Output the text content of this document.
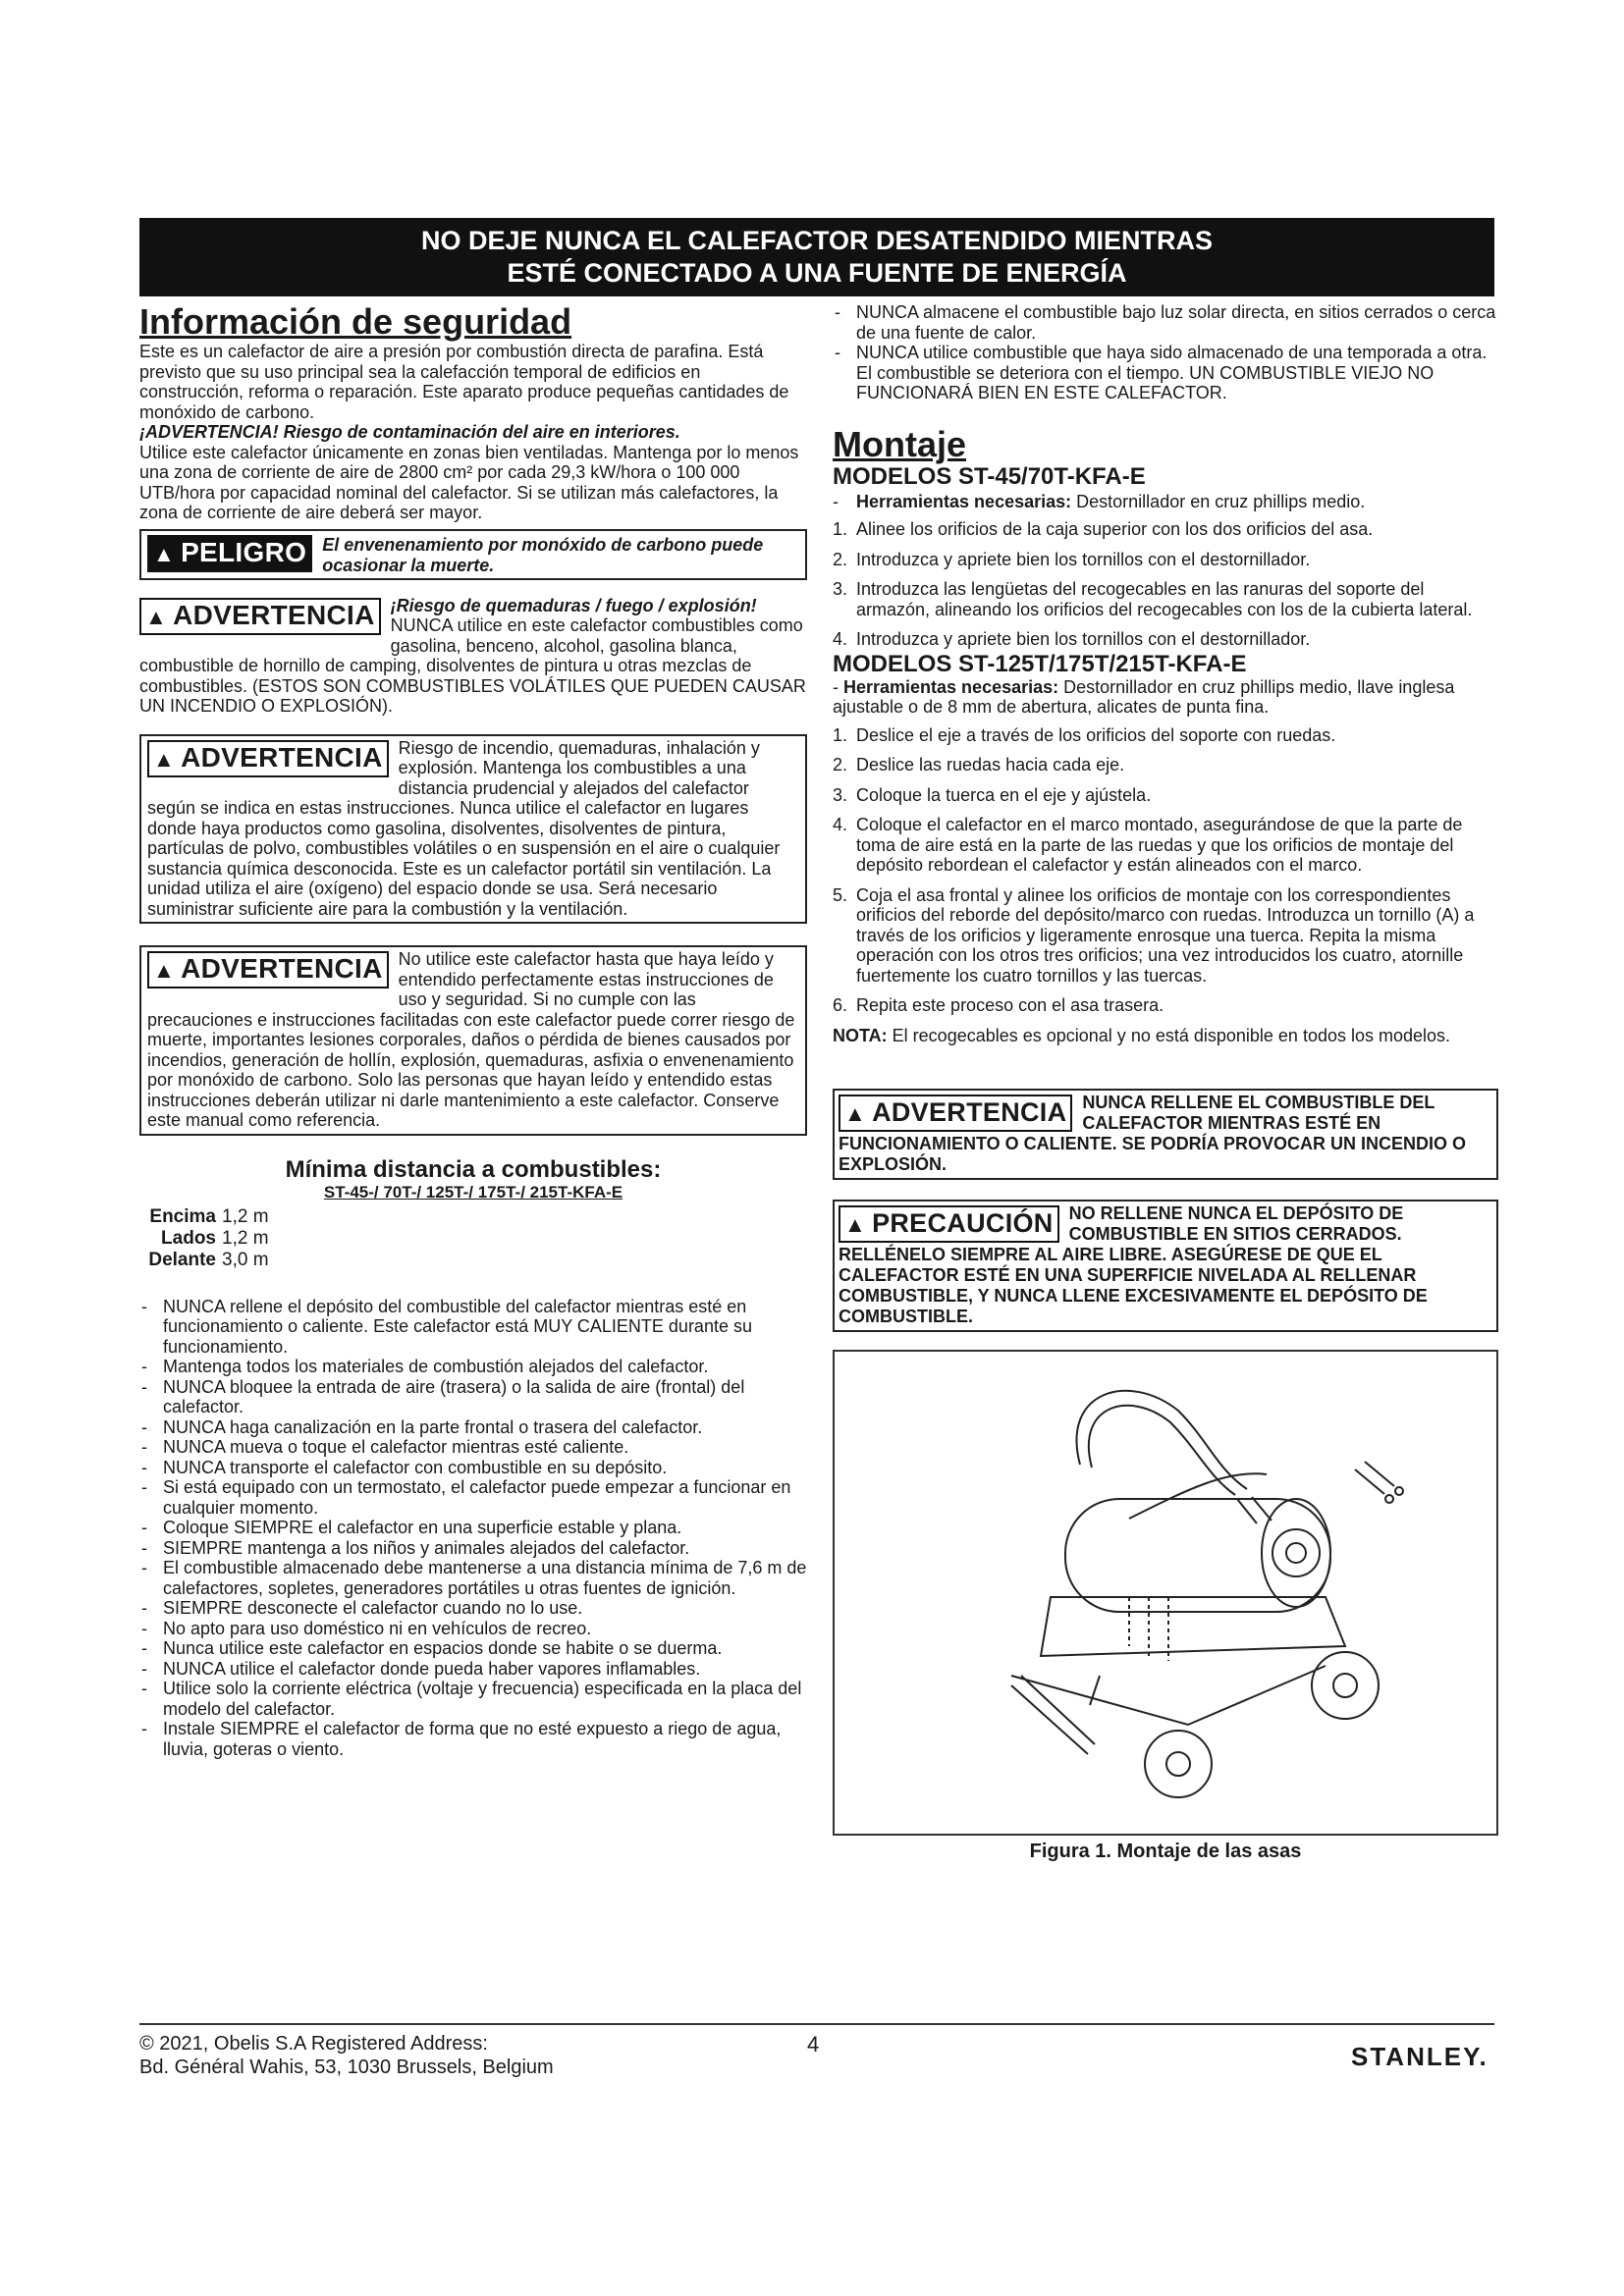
NO DEJE NUNCA EL CALEFACTOR DESATENDIDO MIENTRAS
ESTÉ CONECTADO A UNA FUENTE DE ENERGÍA
Información de seguridad

Este es un calefactor de aire a presión por combustión directa de parafina. Está previsto que su uso principal sea la calefacción temporal de edificios en construcción, reforma o reparación. Este aparato produce pequeñas cantidades de monóxido de carbono.

¡ADVERTENCIA! Riesgo de contaminación del aire en interiores.

Utilice este calefactor únicamente en zonas bien ventiladas. Mantenga por lo menos una zona de corriente de aire de 2800 cm² por cada 29,3 kW/hora o 100 000 UTB/hora por capacidad nominal del calefactor. Si se utilizan más calefactores, la zona de corriente de aire deberá ser mayor.

▲ PELIGRO El envenenamiento por monóxido de carbono puede ocasionar la muerte.
▲ ADVERTENCIA ¡Riesgo de quemaduras / fuego / explosión! NUNCA utilice en este calefactor combustibles como gasolina, benceno, alcohol, gasolina blanca, combustible de hornillo de camping, disolventes de pintura u otras mezclas de combustibles. (ESTOS SON COMBUSTIBLES VOLÁTILES QUE PUEDEN CAUSAR UN INCENDIO O EXPLOSIÓN).

▲ ADVERTENCIA Riesgo de incendio, quemaduras, inhalación y explosión. Mantenga los combustibles a una distancia prudencial y alejados del calefactor según se indica en estas instrucciones. Nunca utilice el calefactor en lugares donde haya productos como gasolina, disolventes, disolventes de pintura, partículas de polvo, combustibles volátiles o en suspensión en el aire o cualquier sustancia química desconocida. Este es un calefactor portátil sin ventilación. La unidad utiliza el aire (oxígeno) del espacio donde se usa. Será necesario suministrar suficiente aire para la combustión y la ventilación.
▲ ADVERTENCIA No utilice este calefactor hasta que haya leído y entendido perfectamente estas instrucciones de uso y seguridad. Si no cumple con las precauciones e instrucciones facilitadas con este calefactor puede correr riesgo de muerte, importantes lesiones corporales, daños o pérdida de bienes causados por incendios, generación de hollín, explosión, quemaduras, asfixia o envenenamiento por monóxido de carbono. Solo las personas que hayan leído y entendido estas instrucciones deberán utilizar ni darle mantenimiento a este calefactor. Conserve este manual como referencia.
Mínima distancia a combustibles:
ST-45-/ 70T-/ 125T-/ 175T-/ 215T-KFA-E
Encima 1,2 m
Lados 1,2 m
Delante 3,0 m
- NUNCA rellene el depósito del combustible del calefactor mientras esté en funcionamiento o caliente. Este calefactor está MUY CALIENTE durante su funcionamiento.
- Mantenga todos los materiales de combustión alejados del calefactor.
- NUNCA bloquee la entrada de aire (trasera) o la salida de aire (frontal) del calefactor.
- NUNCA haga canalización en la parte frontal o trasera del calefactor.
- NUNCA mueva o toque el calefactor mientras esté caliente.
- NUNCA transporte el calefactor con combustible en su depósito.
- Si está equipado con un termostato, el calefactor puede empezar a funcionar en cualquier momento.
- Coloque SIEMPRE el calefactor en una superficie estable y plana.
- SIEMPRE mantenga a los niños y animales alejados del calefactor.
- El combustible almacenado debe mantenerse a una distancia mínima de 7,6 m de calefactores, sopletes, generadores portátiles u otras fuentes de ignición.
- SIEMPRE desconecte el calefactor cuando no lo use.
- No apto para uso doméstico ni en vehículos de recreo.
- Nunca utilice este calefactor en espacios donde se habite o se duerma.
- NUNCA utilice el calefactor donde pueda haber vapores inflamables.
- Utilice solo la corriente eléctrica (voltaje y frecuencia) especificada en la placa del modelo del calefactor.
- Instale SIEMPRE el calefactor de forma que no esté expuesto a riego de agua, lluvia, goteras o viento.
- NUNCA almacene el combustible bajo luz solar directa, en sitios cerrados o cerca de una fuente de calor.
- NUNCA utilice combustible que haya sido almacenado de una temporada a otra. El combustible se deteriora con el tiempo. UN COMBUSTIBLE VIEJO NO FUNCIONARÁ BIEN EN ESTE CALEFACTOR.
Montaje
MODELOS ST-45/70T-KFA-E
- Herramientas necesarias: Destornillador en cruz phillips medio.
1. Alinee los orificios de la caja superior con los dos orificios del asa.
2. Introduzca y apriete bien los tornillos con el destornillador.
3. Introduzca las lengüetas del recogecables en las ranuras del soporte del armazón, alineando los orificios del recogecables con los de la cubierta lateral.
4. Introduzca y apriete bien los tornillos con el destornillador.
MODELOS ST-125T/175T/215T-KFA-E

- Herramientas necesarias: Destornillador en cruz phillips medio, llave inglesa ajustable o de 8 mm de abertura, alicates de punta fina.

1. Deslice el eje a través de los orificios del soporte con ruedas.
2. Deslice las ruedas hacia cada eje.
3. Coloque la tuerca en el eje y ajústela.
4. Coloque el calefactor en el marco montado, asegurándose de que la parte de toma de aire está en la parte de las ruedas y que los orificios de montaje del depósito rebordean el calefactor y están alineados con el marco.
5. Coja el asa frontal y alinee los orificios de montaje con los correspondientes orificios del reborde del depósito/marco con ruedas. Introduzca un tornillo (A) a través de los orificios y ligeramente enrosque una tuerca. Repita la misma operación con los otros tres orificios; una vez introducidos los cuatro, atornille fuertemente los cuatro tornillos y las tuercas.
6. Repita este proceso con el asa trasera.

NOTA: El recogecables es opcional y no está disponible en todos los modelos.

▲ ADVERTENCIA NUNCA RELLENE EL COMBUSTIBLE DEL CALEFACTOR MIENTRAS ESTÉ EN FUNCIONAMIENTO O CALIENTE. SE PODRÍA PROVOCAR UN INCENDIO O EXPLOSIÓN.
▲ PRECAUCIÓN NO RELLENE NUNCA EL DEPÓSITO DE COMBUSTIBLE EN SITIOS CERRADOS. RELLÉNELO SIEMPRE AL AIRE LIBRE. ASEGÚRESE DE QUE EL CALEFACTOR ESTÉ EN UNA SUPERFICIE NIVELADA AL RELLENAR COMBUSTIBLE, Y NUNCA LLENE EXCESIVAMENTE EL DEPÓSITO DE COMBUSTIBLE.
Figura 1. Montaje de las asas
© 2021, Obelis S.A Registered Address:
Bd. Général Wahis, 53, 1030 Brussels, Belgium
4	STANLEY.
